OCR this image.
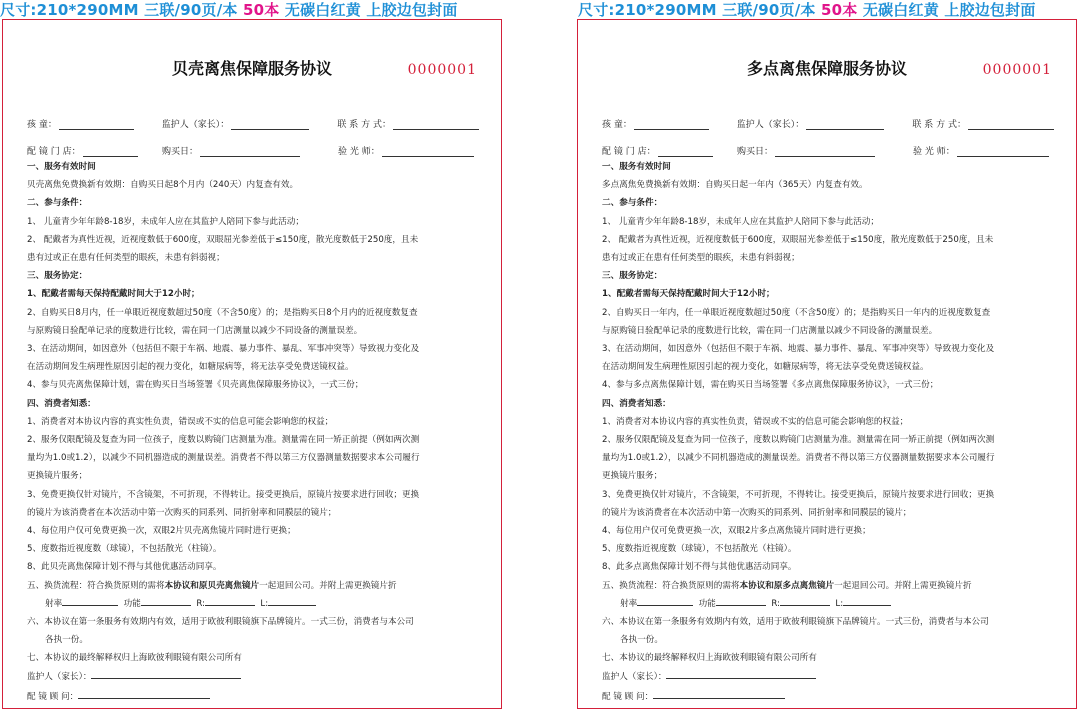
尺寸:210*290MM 三联/90页/本 50本 无碳白红黄 上胶边包封面	尺寸:210*290MM 三联/90页/本 50本 无碳白红黄 上胶边包封面
贝壳离焦保障服务协议	0000001
孩 童：	监护人（家长）：	联 系 方 式：
配 镜 门 店：	购买日：	验 光 师：
一、服务有效时间
贝壳离焦免费换新有效期：自购买日起8个月内（240天）内复查有效。
二、参与条件：
1、 儿童青少年年龄8-18岁，未成年人应在其监护人陪同下参与此活动；
2、 配戴者为真性近视，近视度数低于600度，双眼屈光参差低于≤150度，散光度数低于250度，且未
患有过或正在患有任何类型的眼疾，未患有斜弱视；
三、服务协定：
1、配戴者需每天保持配戴时间大于12小时；
2、自购买日8月内，任一单眼近视度数超过50度（不含50度）的；是指购买日8个月内的近视度数复查
与原购镜日验配单记录的度数进行比较，需在同一门店测量以减少不同设备的测量误差。
3、在活动期间，如因意外（包括但不限于车祸、地震、暴力事件、暴乱、军事冲突等）导致视力变化及
在活动期间发生病理性原因引起的视力变化，如糖尿病等，将无法享受免费送镜权益。
4、参与贝壳离焦保障计划，需在购买日当场签署《贝壳离焦保障服务协议》，一式三份；
四、消费者知悉：
1、消费者对本协议内容的真实性负责，错误或不实的信息可能会影响您的权益；
2、服务仅限配镜及复查为同一位孩子，度数以购镜门店测量为准。测量需在同一矫正前提（例如两次测
量均为1.0或1.2），以减少不同机器造成的测量误差。消费者不得以第三方仪器测量数据要求本公司履行
更换镜片服务；
3、免费更换仅针对镜片，不含镜架，不可折现，不得转让。接受更换后，原镜片按要求进行回收；更换
的镜片为该消费者在本次活动中第一次购买的同系列、同折射率和同膜层的镜片；
4、每位用户仅可免费更换一次，双眼2片贝壳离焦镜片同时进行更换；
5、度数指近视度数（球镜），不包括散光（柱镜）。
8、此贝壳离焦保障计划不得与其他优惠活动同享。
五、换货流程：符合换货原则的需将本协议和原贝壳离焦镜片一起退回公司。并附上需更换镜片折
射率	功能	R:	L:
六、本协议在第一条服务有效期内有效，适用于欧彼利眼镜旗下品牌镜片。一式三份，消费者与本公司
各执一份。
七、本协议的最终解释权归上海欧彼利眼镜有限公司所有
监护人（家长）：
配 镜 顾 问：
多点离焦保障服务协议	0000001
孩 童：	监护人（家长）：	联 系 方 式：
配 镜 门 店：	购买日：	验 光 师：
一、服务有效时间
多点离焦免费换新有效期：自购买日起一年内（365天）内复查有效。
二、参与条件：
1、 儿童青少年年龄8-18岁，未成年人应在其监护人陪同下参与此活动；
2、 配戴者为真性近视，近视度数低于600度，双眼屈光参差低于≤150度，散光度数低于250度，且未
患有过或正在患有任何类型的眼疾，未患有斜弱视；
三、服务协定：
1、配戴者需每天保持配戴时间大于12小时；
2、自购买日一年内，任一单眼近视度数超过50度（不含50度）的；是指购买日一年内的近视度数复查
与原购镜日验配单记录的度数进行比较，需在同一门店测量以减少不同设备的测量误差。
3、在活动期间，如因意外（包括但不限于车祸、地震、暴力事件、暴乱、军事冲突等）导致视力变化及
在活动期间发生病理性原因引起的视力变化，如糖尿病等，将无法享受免费送镜权益。
4、参与多点离焦保障计划，需在购买日当场签署《多点离焦保障服务协议》，一式三份；
四、消费者知悉：
1、消费者对本协议内容的真实性负责，错误或不实的信息可能会影响您的权益；
2、服务仅限配镜及复查为同一位孩子，度数以购镜门店测量为准。测量需在同一矫正前提（例如两次测
量均为1.0或1.2），以减少不同机器造成的测量误差。消费者不得以第三方仪器测量数据要求本公司履行
更换镜片服务；
3、免费更换仅针对镜片，不含镜架，不可折现，不得转让。接受更换后，原镜片按要求进行回收；更换
的镜片为该消费者在本次活动中第一次购买的同系列、同折射率和同膜层的镜片；
4、每位用户仅可免费更换一次，双眼2片多点离焦镜片同时进行更换；
5、度数指近视度数（球镜），不包括散光（柱镜）。
8、此多点离焦保障计划不得与其他优惠活动同享。
五、换货流程：符合换货原则的需将本协议和原多点离焦镜片一起退回公司。并附上需更换镜片折
射率	功能	R:	L:
六、本协议在第一条服务有效期内有效，适用于欧彼利眼镜旗下品牌镜片。一式三份，消费者与本公司
各执一份。
七、本协议的最终解释权归上海欧彼利眼镜有限公司所有
监护人（家长）：
配 镜 顾 问：
